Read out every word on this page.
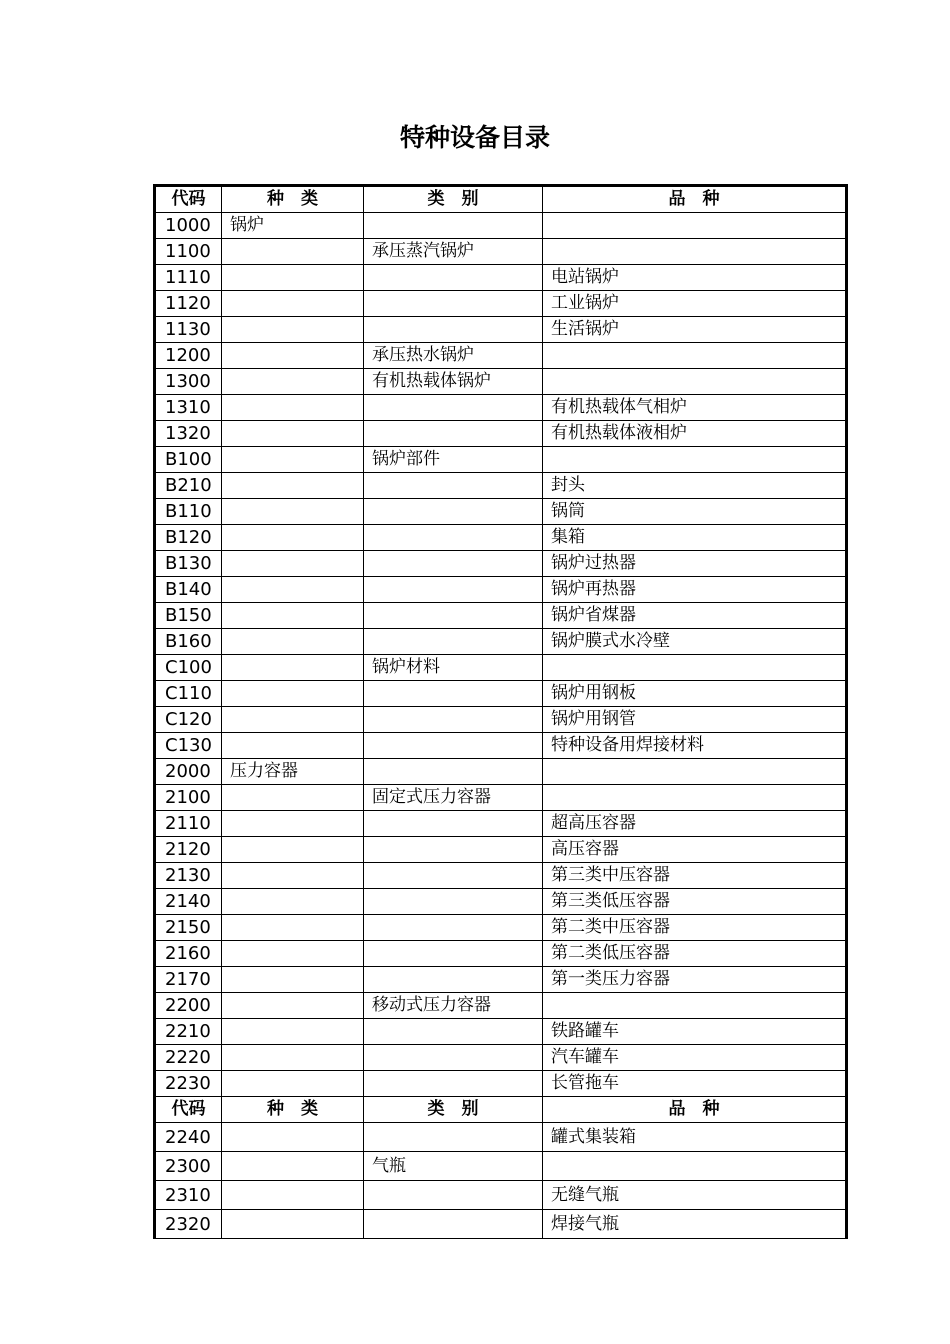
特种设备目录
代码	种　类	类　别	品　种
1000	锅炉		
1100		承压蒸汽锅炉	
1110			电站锅炉
1120			工业锅炉
1130			生活锅炉
1200		承压热水锅炉	
1300		有机热载体锅炉	
1310			有机热载体气相炉
1320			有机热载体液相炉
B100		锅炉部件	
B210			封头
B110			锅筒
B120			集箱
B130			锅炉过热器
B140			锅炉再热器
B150			锅炉省煤器
B160			锅炉膜式水冷壁
C100		锅炉材料	
C110			锅炉用钢板
C120			锅炉用钢管
C130			特种设备用焊接材料
2000	压力容器		
2100		固定式压力容器	
2110			超高压容器
2120			高压容器
2130			第三类中压容器
2140			第三类低压容器
2150			第二类中压容器
2160			第二类低压容器
2170			第一类压力容器
2200		移动式压力容器	
2210			铁路罐车
2220			汽车罐车
2230			长管拖车
代码	种　类	类　别	品　种
2240			罐式集装箱
2300		气瓶	
2310			无缝气瓶
2320			焊接气瓶
